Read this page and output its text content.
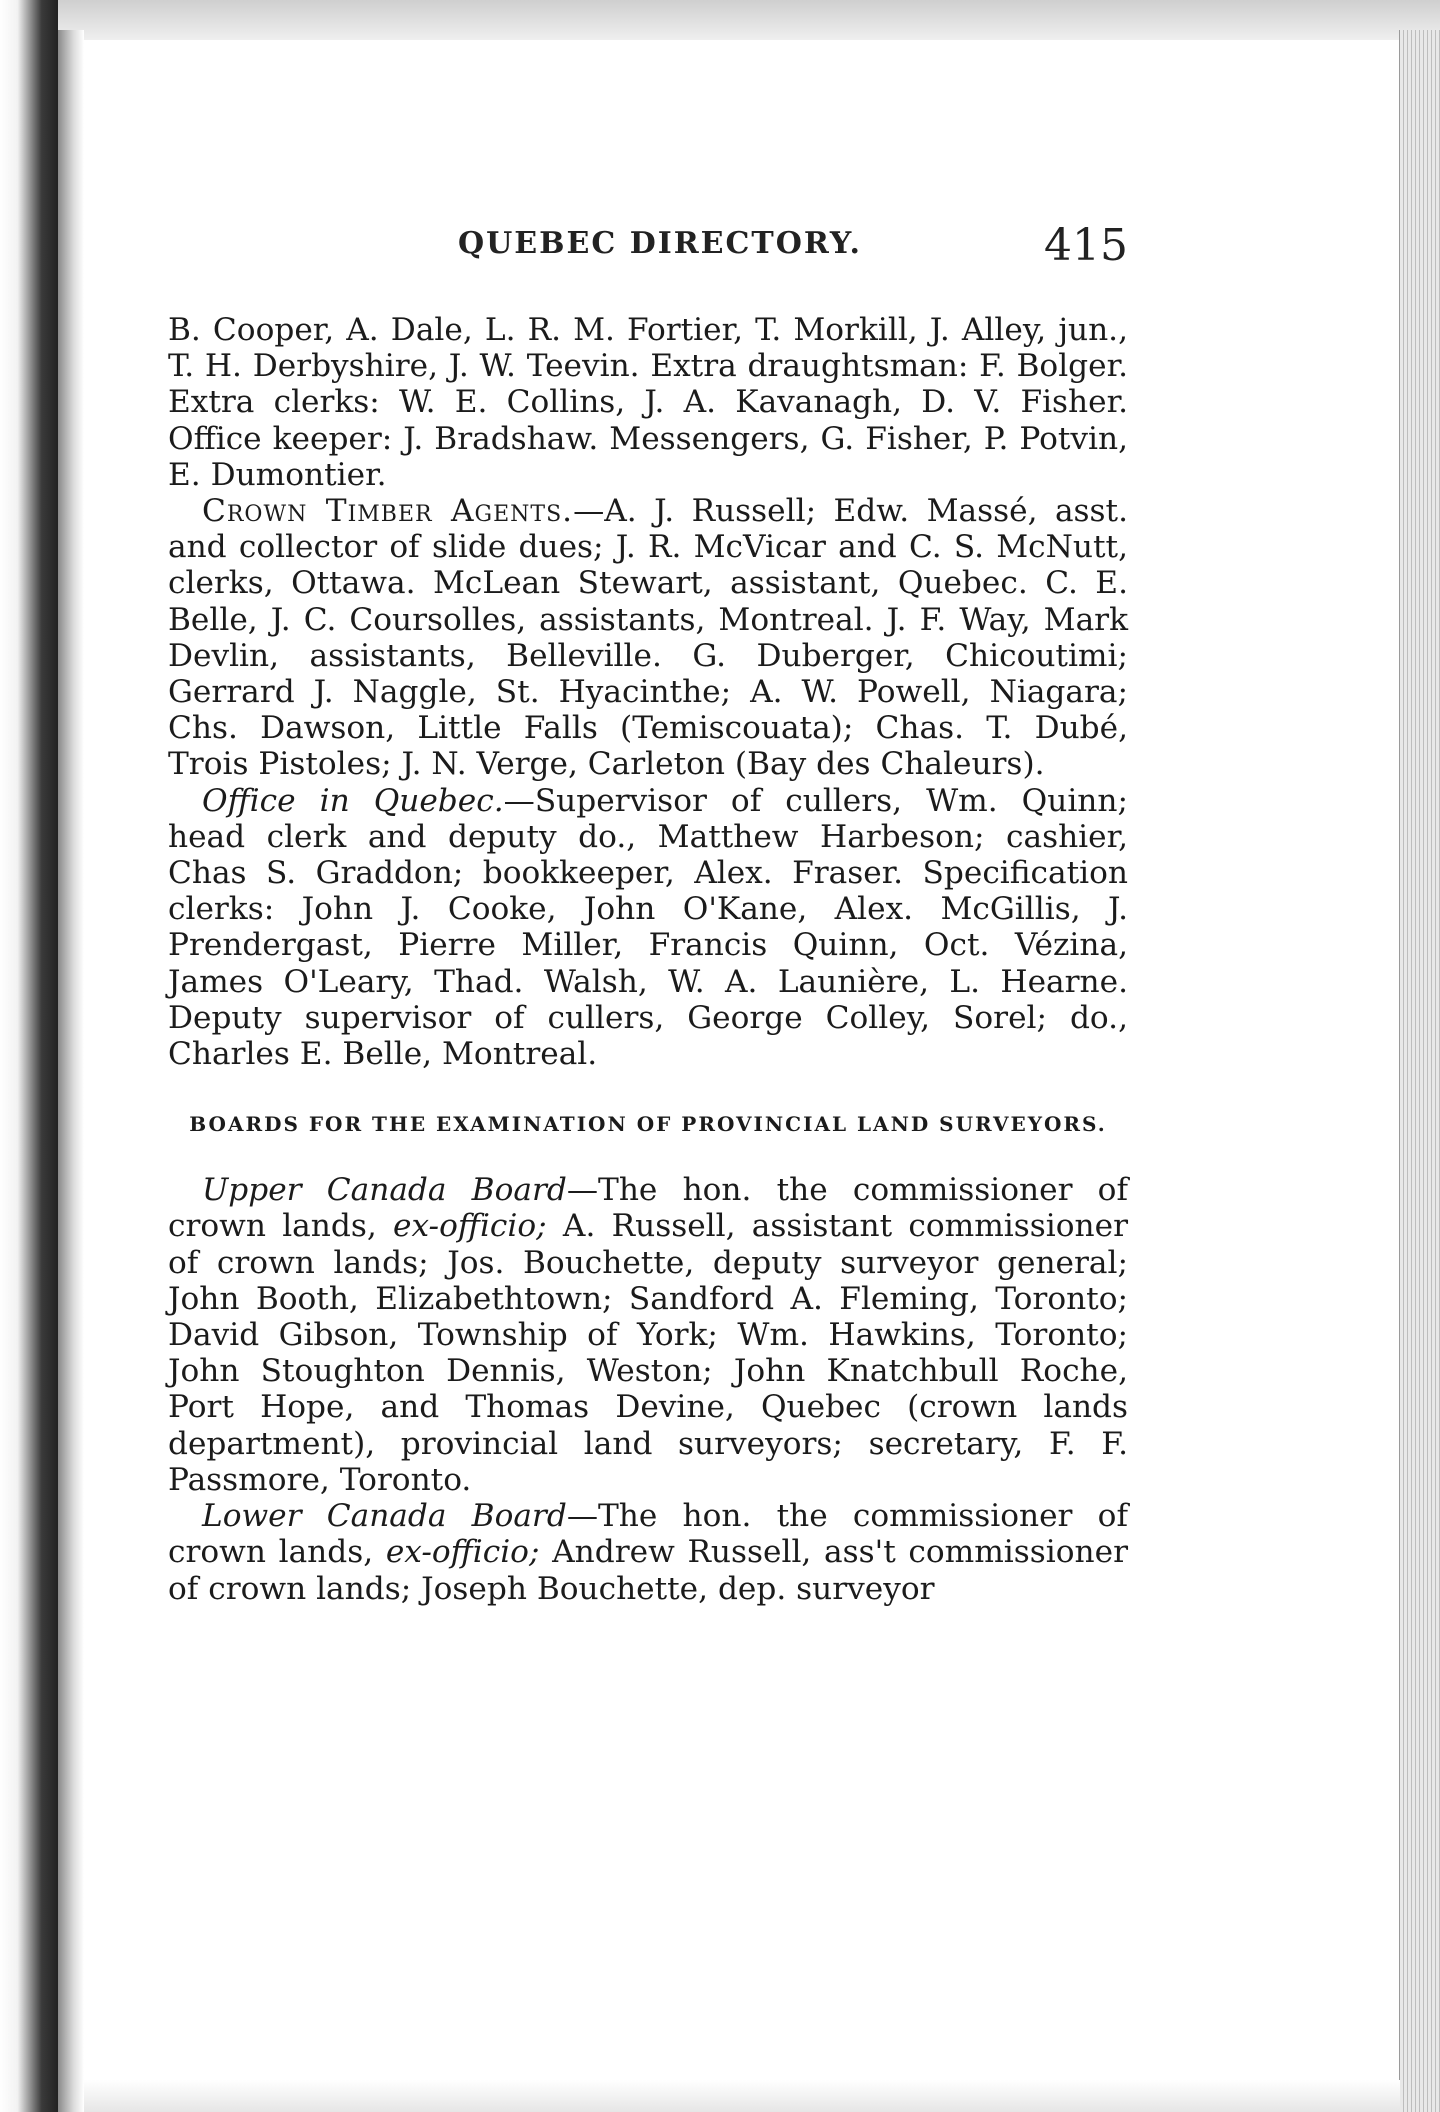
QUEBEC DIRECTORY.	415

B. Cooper, A. Dale, L. R. M. Fortier, T. Morkill, J. Alley, jun., T. H. Derbyshire, J. W. Teevin. Extra draughtsman: F. Bolger. Extra clerks: W. E. Collins, J. A. Kavanagh, D. V. Fisher. Office keeper: J. Bradshaw. Messengers, G. Fisher, P. Potvin, E. Dumontier.

Crown Timber Agents.—A. J. Russell; Edw. Massé, asst. and collector of slide dues; J. R. McVicar and C. S. McNutt, clerks, Ottawa. McLean Stewart, assistant, Quebec. C. E. Belle, J. C. Coursolles, assistants, Montreal. J. F. Way, Mark Devlin, assistants, Belleville. G. Duberger, Chicoutimi; Gerrard J. Naggle, St. Hyacinthe; A. W. Powell, Niagara; Chs. Dawson, Little Falls (Temiscouata); Chas. T. Dubé, Trois Pistoles; J. N. Verge, Carleton (Bay des Chaleurs).

Office in Quebec.—Supervisor of cullers, Wm. Quinn; head clerk and deputy do., Matthew Harbeson; cashier, Chas S. Graddon; bookkeeper, Alex. Fraser. Specification clerks: John J. Cooke, John O'Kane, Alex. McGillis, J. Prendergast, Pierre Miller, Francis Quinn, Oct. Vézina, James O'Leary, Thad. Walsh, W. A. Launière, L. Hearne. Deputy supervisor of cullers, George Colley, Sorel; do., Charles E. Belle, Montreal.

BOARDS FOR THE EXAMINATION OF PROVINCIAL LAND SURVEYORS.

Upper Canada Board—The hon. the commissioner of crown lands, ex-officio; A. Russell, assistant commissioner of crown lands; Jos. Bouchette, deputy surveyor general; John Booth, Elizabethtown; Sandford A. Fleming, Toronto; David Gibson, Township of York; Wm. Hawkins, Toronto; John Stoughton Dennis, Weston; John Knatchbull Roche, Port Hope, and Thomas Devine, Quebec (crown lands department), provincial land surveyors; secretary, F. F. Passmore, Toronto.

Lower Canada Board—The hon. the commissioner of crown lands, ex-officio; Andrew Russell, ass't commissioner of crown lands; Joseph Bouchette, dep. surveyor
